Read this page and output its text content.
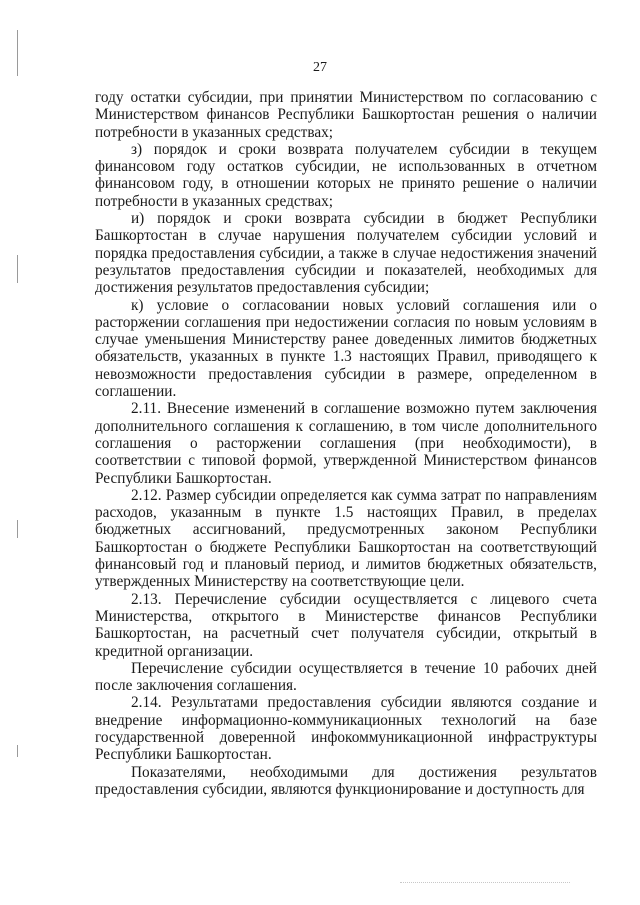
27

году остатки субсидии, при принятии Министерством по согласованию с Министерством финансов Республики Башкортостан решения о наличии потребности в указанных средствах;

з) порядок и сроки возврата получателем субсидии в текущем финансовом году остатков субсидии, не использованных в отчетном финансовом году, в отношении которых не принято решение о наличии потребности в указанных средствах;

и) порядок и сроки возврата субсидии в бюджет Республики Башкортостан в случае нарушения получателем субсидии условий и порядка предоставления субсидии, а также в случае недостижения значений результатов предоставления субсидии и показателей, необходимых для достижения результатов предоставления субсидии;

к) условие о согласовании новых условий соглашения или о расторжении соглашения при недостижении согласия по новым условиям в случае уменьшения Министерству ранее доведенных лимитов бюджетных обязательств, указанных в пункте 1.3 настоящих Правил, приводящего к невозможности предоставления субсидии в размере, определенном в соглашении.

2.11. Внесение изменений в соглашение возможно путем заключения дополнительного соглашения к соглашению, в том числе дополнительного соглашения о расторжении соглашения (при необходимости), в соответствии с типовой формой, утвержденной Министерством финансов Республики Башкортостан.

2.12. Размер субсидии определяется как сумма затрат по направлениям расходов, указанным в пункте 1.5 настоящих Правил, в пределах бюджетных ассигнований, предусмотренных законом Республики Башкортостан о бюджете Республики Башкортостан на соответствующий финансовый год и плановый период, и лимитов бюджетных обязательств, утвержденных Министерству на соответствующие цели.

2.13. Перечисление субсидии осуществляется с лицевого счета Министерства, открытого в Министерстве финансов Республики Башкортостан, на расчетный счет получателя субсидии, открытый в кредитной организации.

Перечисление субсидии осуществляется в течение 10 рабочих дней после заключения соглашения.

2.14. Результатами предоставления субсидии являются создание и внедрение информационно-коммуникационных технологий на базе государственной доверенной инфокоммуникационной инфраструктуры Республики Башкортостан.

Показателями, необходимыми для достижения результатов предоставления субсидии, являются функционирование и доступность для
